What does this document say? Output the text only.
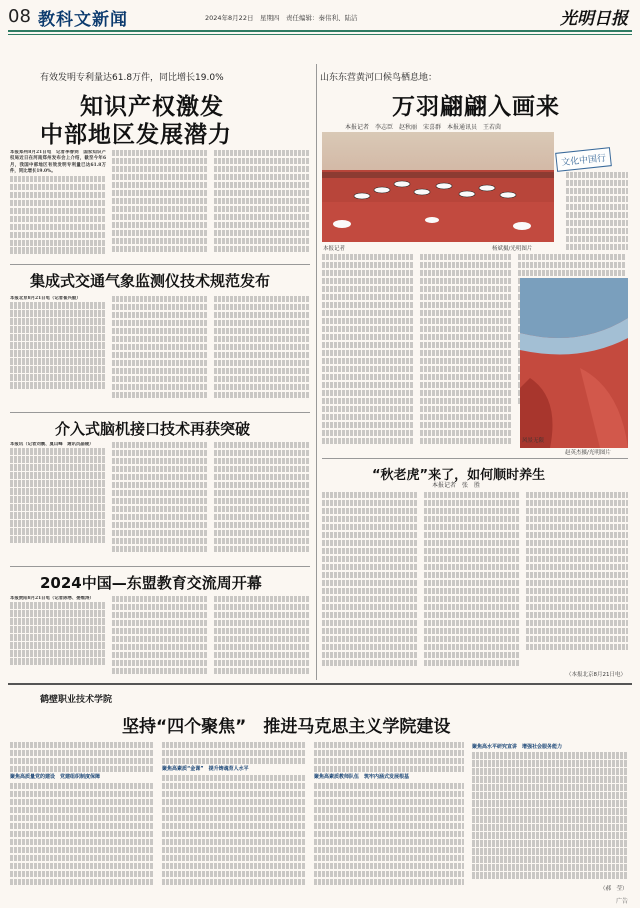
08 教科文新闻	2024年8月22日　星期四　责任编辑：秦伟利、陆洁	光明日报
有效发明专利量达61.8万件，同比增长19.0%
知识产权激发
中部地区发展潜力
本报郑州8月21日电　记者李春剑　国家知识产权局近日在河南郑州发布会上介绍，截至今年6月，我国中部地区有效发明专利量已达61.8万件，同比增长19.0%。
集成式交通气象监测仪技术规范发布
本报北京8月21日电（记者崔兴毅）
介入式脑机接口技术再获突破
本报讯（记者刘震、夏山峰　通讯员晶镜）
2024中国—东盟教育交流周开幕
本报贵阳8月21日电（记者陈寒、晏维涛）
山东东营黄河口候鸟栖息地：
万羽翩翩入画来
本报记者　李志臣　赵秋丽　宋喜群　本报通讯员　王若茵
文化中国行
本报记者	杨斌摄/光明图片
风景无限
赵英杰摄/光明图片
“秋老虎”来了，如何顺时养生
本报记者　张　胜
（本报北京8月21日电）
鹤壁职业技术学院
坚持“四个聚焦”　推进马克思主义学院建设
聚焦高质量党的建设　党建组织制度保障
聚焦高素质“金课”　提升铸魂育人水平
聚焦高素质教师队伍　筑牢内涵式发展根基
聚焦高水平研究宣讲　增强社会服务能力
（郝　莹）
广告
